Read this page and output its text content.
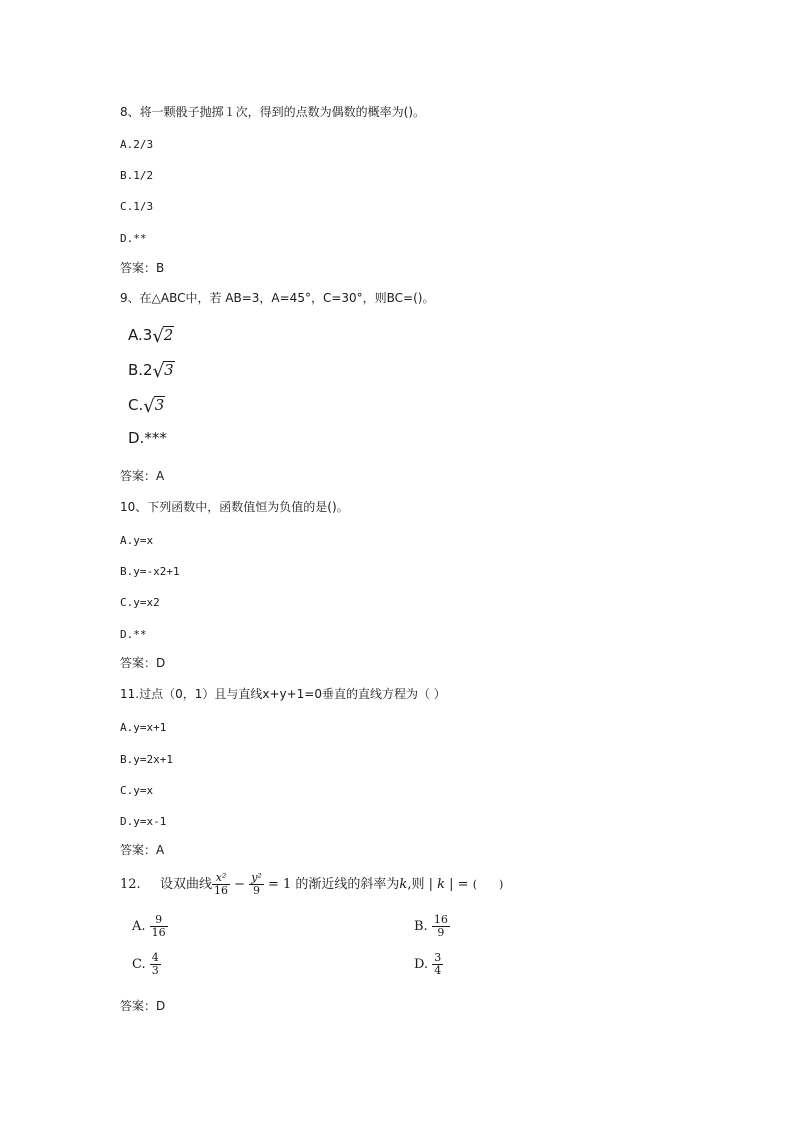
8、将一颗骰子抛掷１次，得到的点数为偶数的概率为()。
A.2/3
B.1/2
C.1/3
D.**
答案：B
9、在△ABC中，若 AB=3，A=45°，C=30°，则BC=()。
A.3√2
B.2√3
C.√3
D.***
答案：A
10、下列函数中，函数值恒为负值的是()。
A.y=x
B.y=-x2+1
C.y=x2
D.**
答案：D
11.过点（0，1）且与直线x+y+1=0垂直的直线方程为（ ）
A.y=x+1
B.y=2x+1
C.y=x
D.y=x-1
答案：A
12. 设双曲线 $\frac{\text{x²}}{16} - \frac{\text{y²}}{9} = 1$ 的渐近线的斜率为k,则 | k | = (　　)
A. $\frac{9}{16}$	B. $\frac{16}{9}$
C. $\frac{4}{3}$	D. $\frac{3}{4}$
答案：D
